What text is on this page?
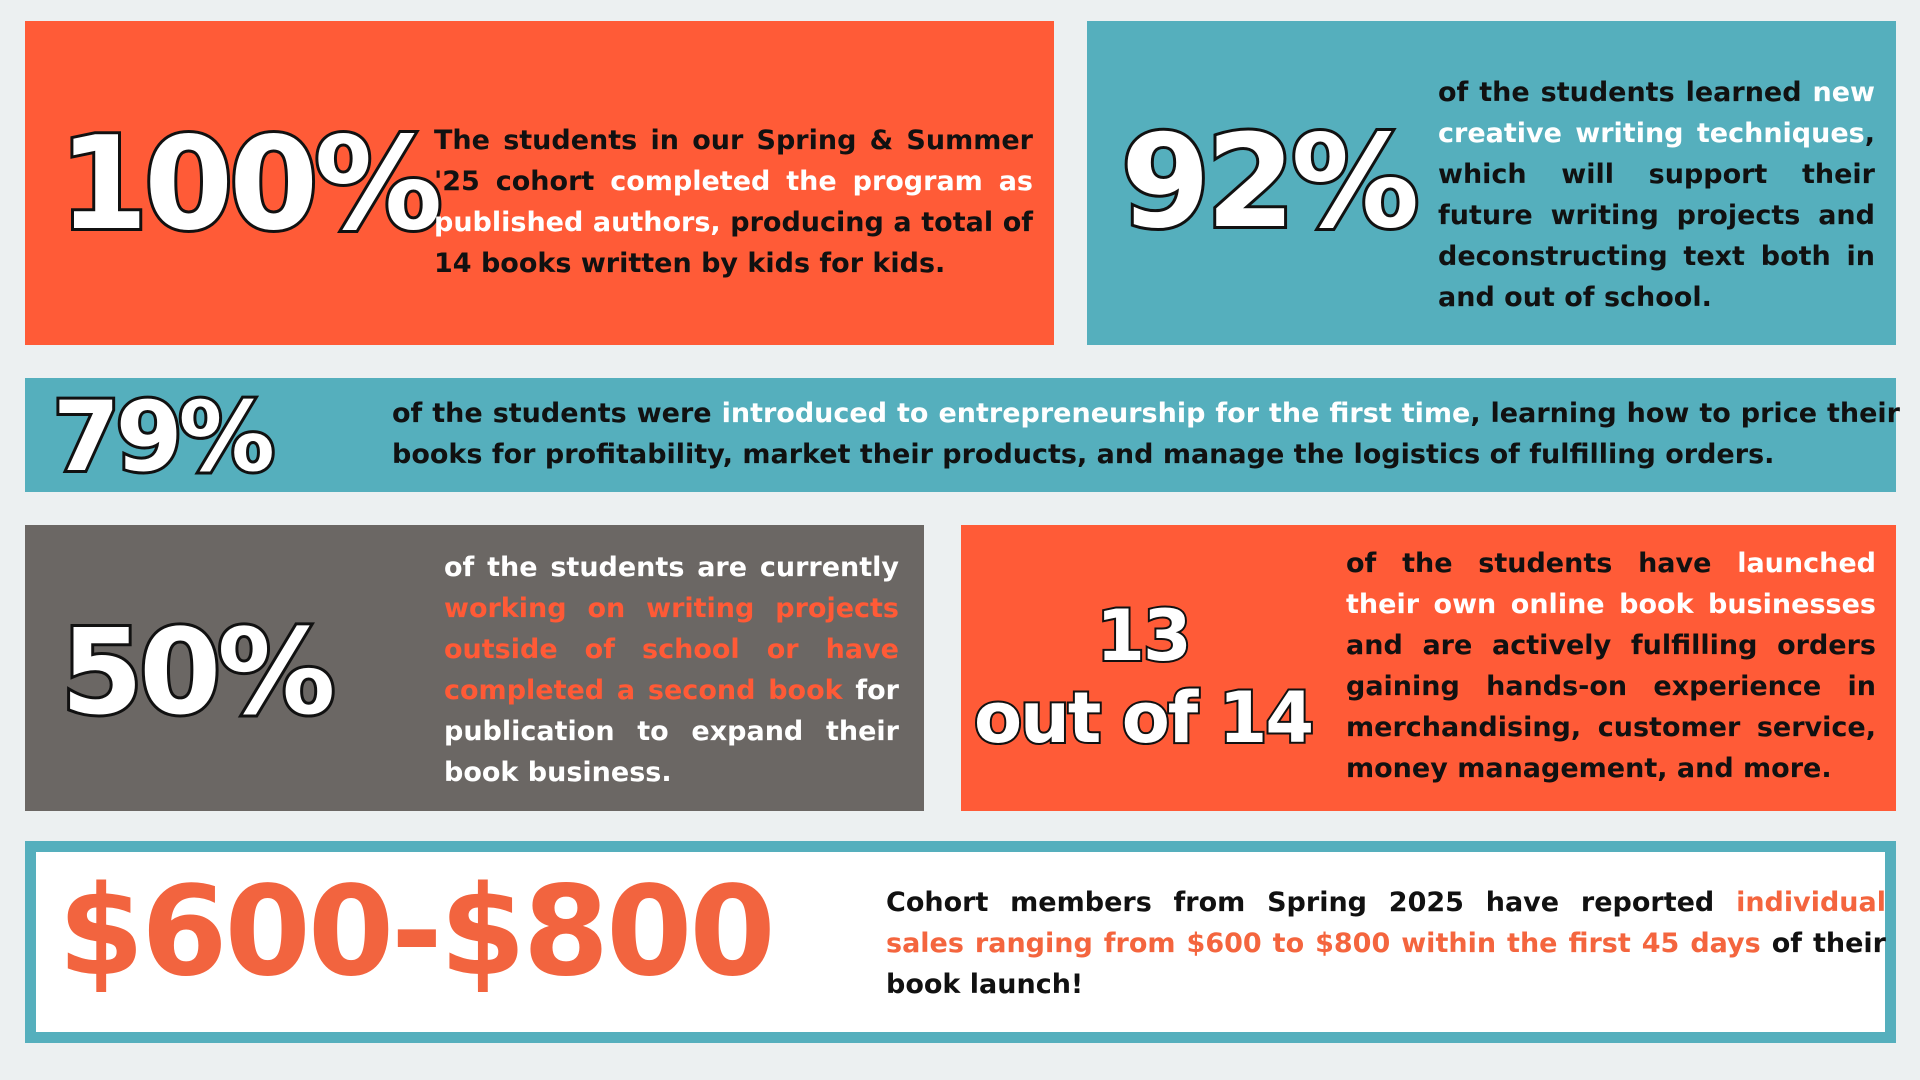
100%
The students in our Spring & Summer '25 cohort completed the program as published authors, producing a total of 14 books written by kids for kids.
92%
of the students learned new creative writing techniques, which will support their future writing projects and deconstructing text both in and out of school.
79%	of the students were introduced to entrepreneurship for the first time, learning how to price their books for profitability, market their products, and manage the logistics of fulfilling orders.
50%
of the students are currently working on writing projects outside of school or have completed a second book for publication to expand their book business.
13
out of 14
of the students have launched their own online book businesses and are actively fulfilling orders gaining hands-on experience in merchandising, customer service, money management, and more.
$600-$800	Cohort members from Spring 2025 have reported individual sales ranging from $600 to $800 within the first 45 days of their book launch!
